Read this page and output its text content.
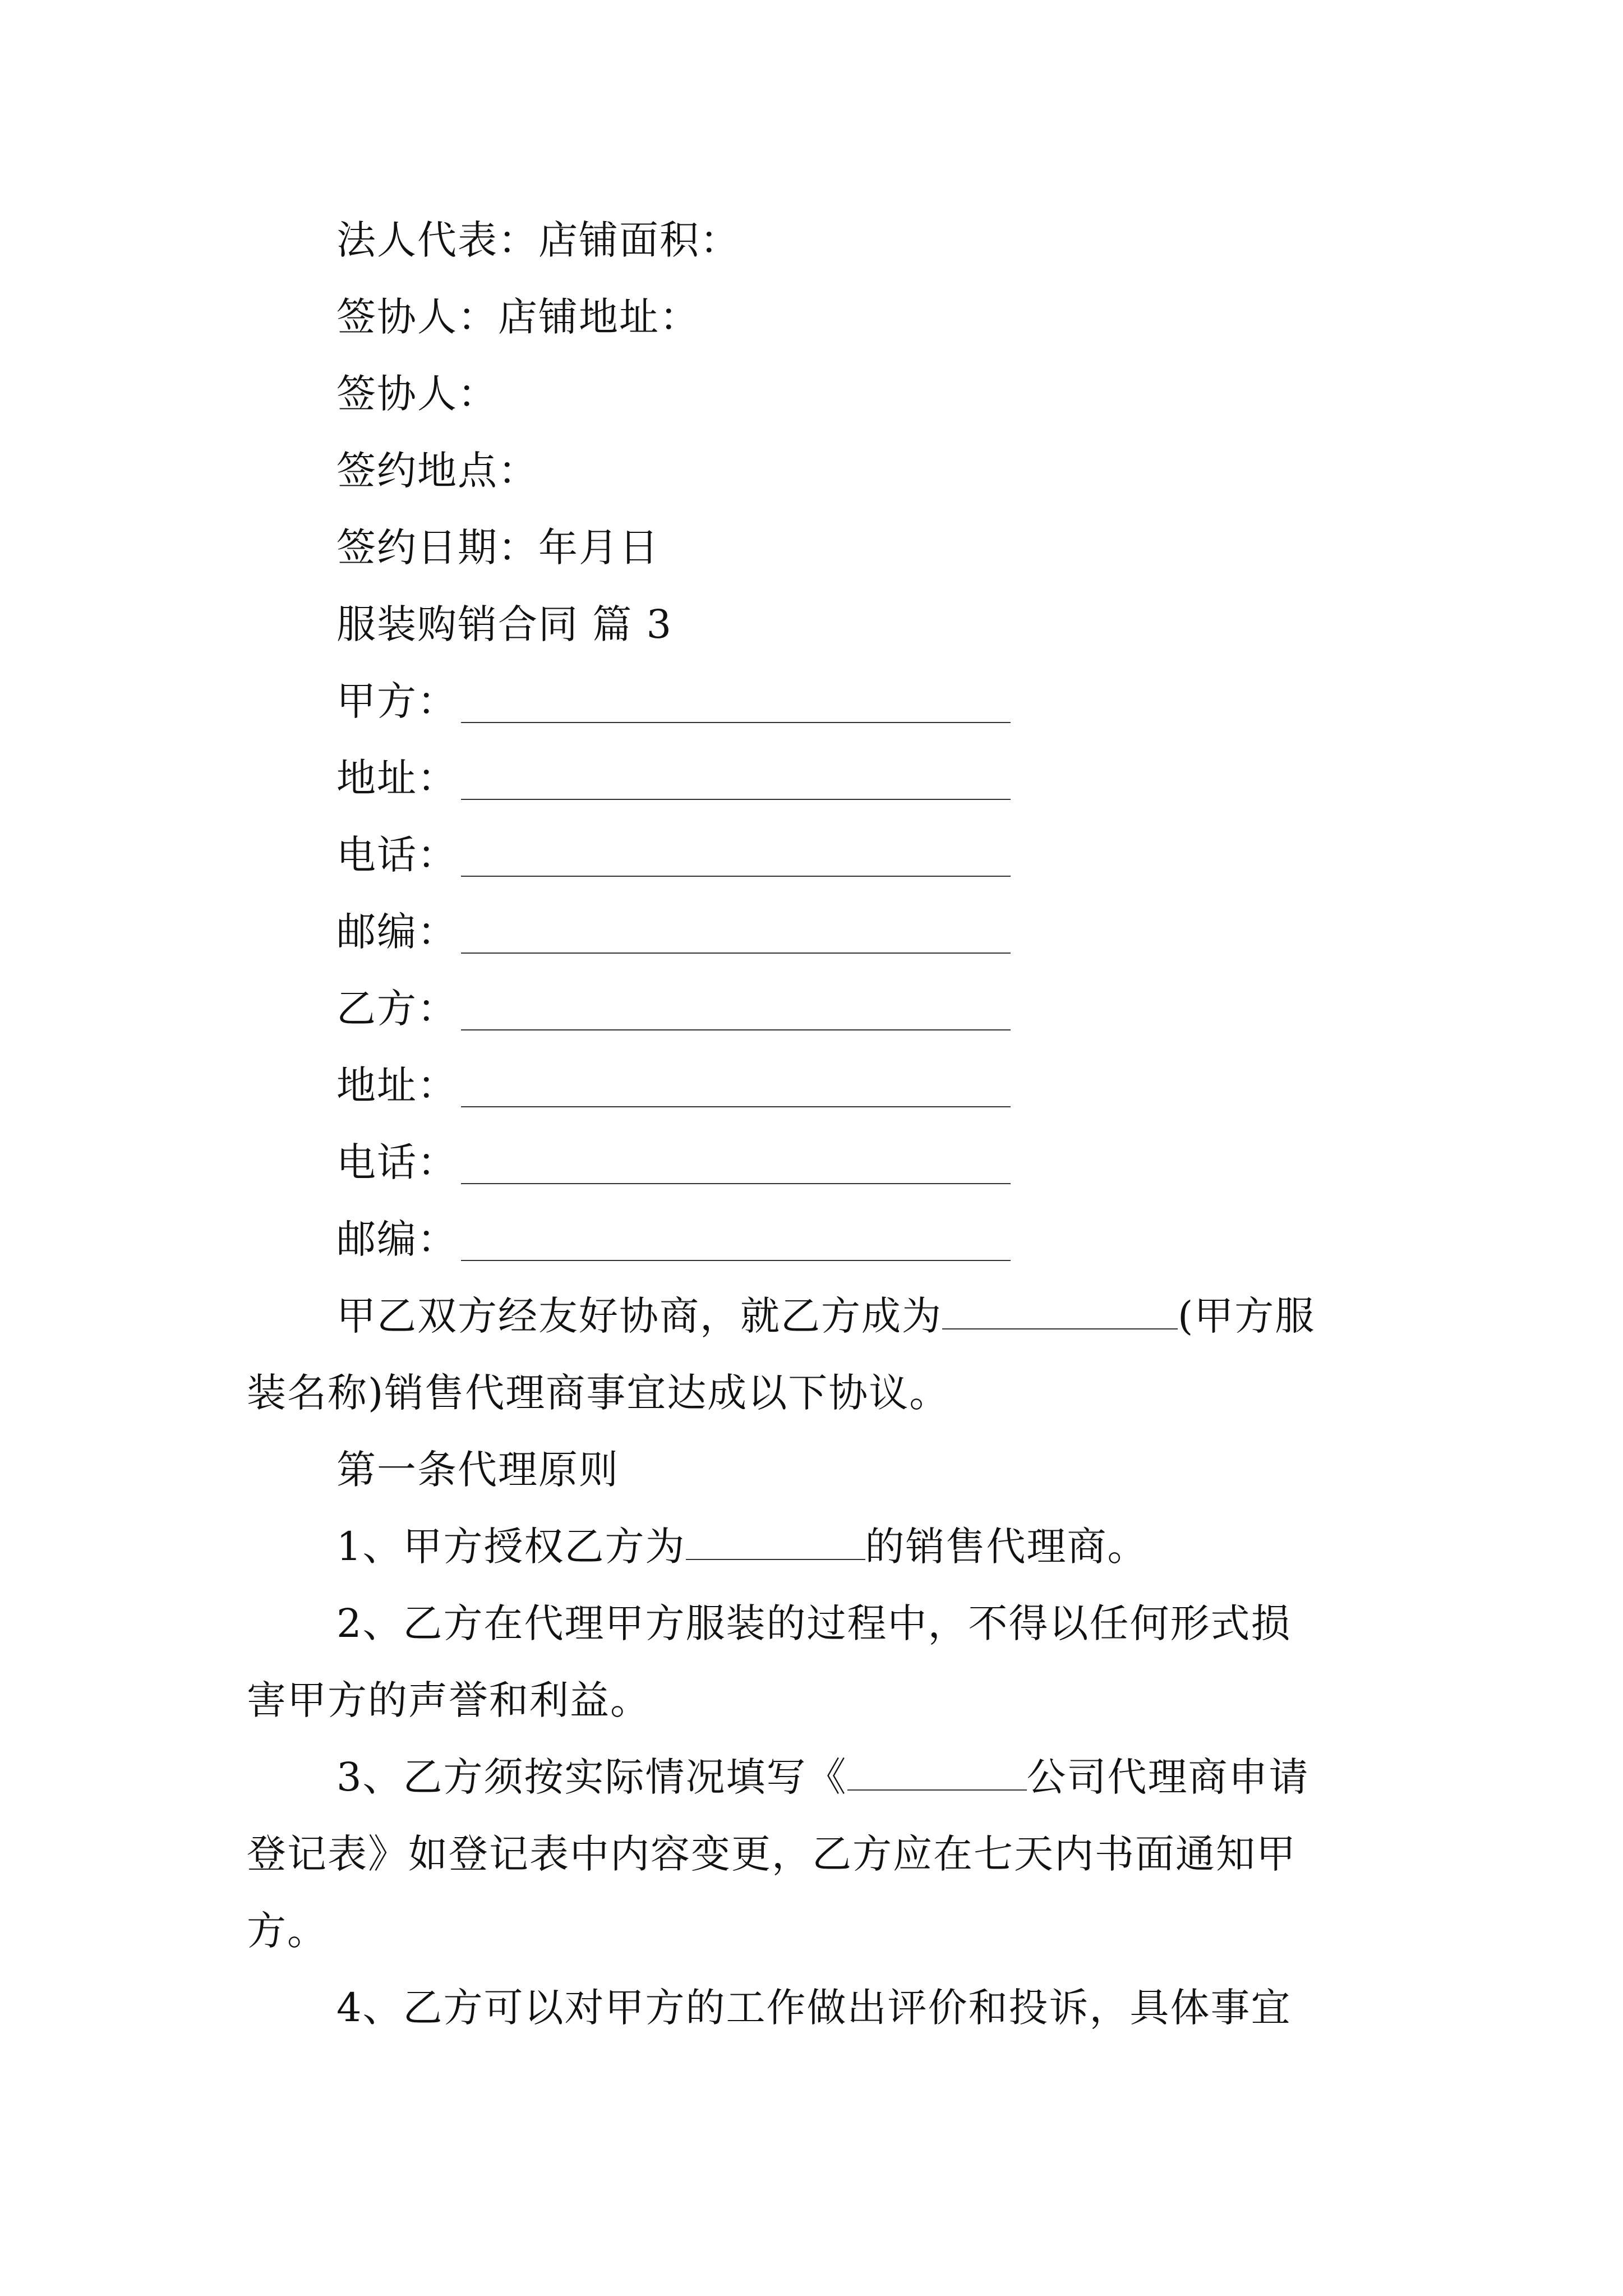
法人代表：店铺面积：
签协人：店铺地址：
签协人：
签约地点：
签约日期：年月日
服装购销合同 篇 3
甲方：
地址：
电话：
邮编：
乙方：
地址：
电话：
邮编：
甲乙双方经友好协商，就乙方成为	(甲方服
装名称)销售代理商事宜达成以下协议。
第一条代理原则
1、甲方授权乙方为	的销售代理商。
2、乙方在代理甲方服装的过程中，不得以任何形式损
害甲方的声誉和利益。
3、乙方须按实际情况填写《	公司代理商申请
登记表》如登记表中内容变更，乙方应在七天内书面通知甲
方。
4、乙方可以对甲方的工作做出评价和投诉，具体事宜
